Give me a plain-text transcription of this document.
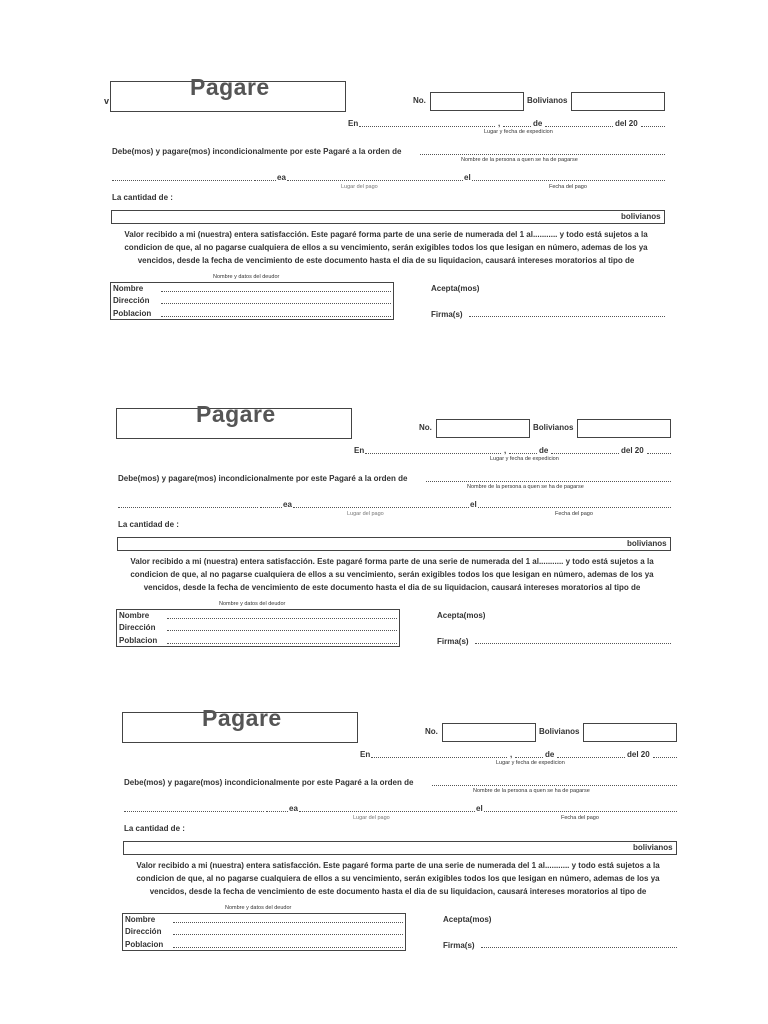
v
Pagare
No.	Bolivianos
En	,	de	del 20
Lugar y fecha de expedicion
Debe(mos) y pagare(mos) incondicionalmente por este Pagaré a la orden de
Nombre de la persona a quen se ha de pagarse
ea	el
Lugar del pago	Fecha del pago
La cantidad de :
bolivianos
Valor recibido a mi (nuestra) entera satisfacción. Este pagaré forma parte de una serie de numerada del 1 al........... y todo está sujetos a la condicion de que, al no pagarse cualquiera de ellos a su vencimiento, serán exigibles todos los que lesigan en número, ademas de los ya vencidos, desde la fecha de vencimiento de este documento hasta el dia de su liquidacion, causará intereses moratorios al tipo de
Nombre y datos del deudor
Nombre
Dirección
Poblacion
Acepta(mos)
Firma(s)
Pagare
No.	Bolivianos
En	,	de	del 20
Lugar y fecha de expedicion
Debe(mos) y pagare(mos) incondicionalmente por este Pagaré a la orden de
Nombre de la persona a quen se ha de pagarse
ea	el
Lugar del pago	Fecha del pago
La cantidad de :
bolivianos
Valor recibido a mi (nuestra) entera satisfacción. Este pagaré forma parte de una serie de numerada del 1 al........... y todo está sujetos a la condicion de que, al no pagarse cualquiera de ellos a su vencimiento, serán exigibles todos los que lesigan en número, ademas de los ya vencidos, desde la fecha de vencimiento de este documento hasta el dia de su liquidacion, causará intereses moratorios al tipo de
Nombre y datos del deudor
Nombre
Dirección
Poblacion
Acepta(mos)
Firma(s)
Pagare
No.	Bolivianos
En	,	de	del 20
Lugar y fecha de expedicion
Debe(mos) y pagare(mos) incondicionalmente por este Pagaré a la orden de
Nombre de la persona a quen se ha de pagarse
ea	el
Lugar del pago	Fecha del pago
La cantidad de :
bolivianos
Valor recibido a mi (nuestra) entera satisfacción. Este pagaré forma parte de una serie de numerada del 1 al........... y todo está sujetos a la condicion de que, al no pagarse cualquiera de ellos a su vencimiento, serán exigibles todos los que lesigan en número, ademas de los ya vencidos, desde la fecha de vencimiento de este documento hasta el dia de su liquidacion, causará intereses moratorios al tipo de
Nombre y datos del deudor
Nombre
Dirección
Poblacion
Acepta(mos)
Firma(s)
